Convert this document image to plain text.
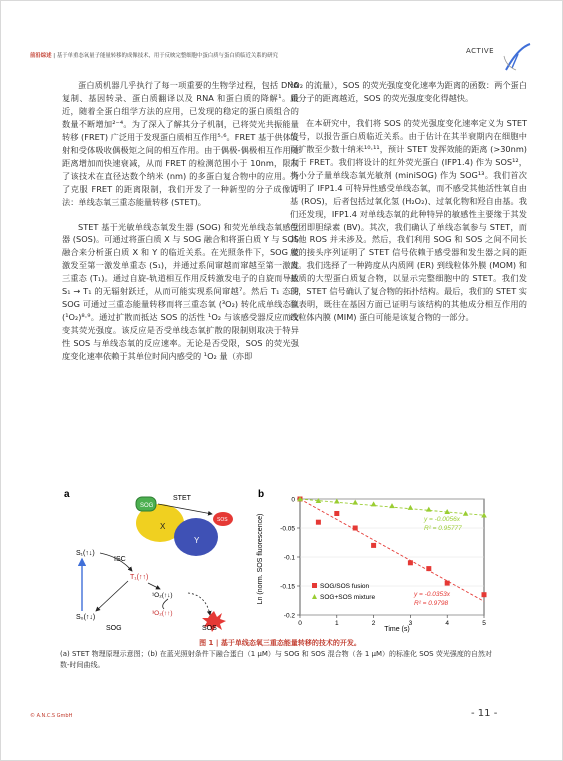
前沿综述 | 基于单重态氧量子能量转移的成像技术，用于反映完整细胞中蛋白质与蛋白质临近关系的研究
ACTIVE

蛋白质机器几乎执行了每一项重要的生物学过程，包括 DNA 复制、基因转录、蛋白质翻译以及 RNA 和蛋白质的降解¹。最近，随着全蛋白组学方法的应用，已发现的稳定的蛋白质组合的数量不断增加²⁻⁴。为了深入了解其分子机制，已将荧光共振能量转移 (FRET) 广泛用于发现蛋白质相互作用⁵·⁶。FRET 基于供体发射和受体吸收偶极矩之间的相互作用。由于偶极-偶极相互作用随距离增加而快速衰减，从而 FRET 的检测范围小于 10nm，限制了该技术在直径达数个纳米 (nm) 的多蛋白复合物中的应用。为了克服 FRET 的距离限制，我们开发了一种新型的分子成像方法：单线态氧三重态能量转移 (STET)。

STET 基于光敏单线态氧发生器 (SOG) 和荧光单线态氧感受器 (SOS)。可通过将蛋白质 X 与 SOG 融合和将蛋白质 Y 与 SOS 融合来分析蛋白质 X 和 Y 的临近关系。在光照条件下，SOG 被激发至第一激发单重态 (S₁)，并通过系间窜越而窜越至第一激发三重态 (T₁)。通过自旋-轨道相互作用反转激发电子的自旋而导致 S₁ → T₁ 的无辐射跃迁，从而可能实现系间窜越⁷。然后 T₁ 态的 SOG 可通过三重态能量转移而将三重态氧 (³O₂) 转化成单线态氧 (¹O₂)⁸·⁹。通过扩散而抵达 SOS 的活性 ¹O₂ 与该感受器反应而改变其荧光强度。该反应是否受单线态氧扩散的限制则取决于特异性 SOS 与单线态氧的反应速率。无论是否受限，SOS 的荧光强度变化速率依赖于其单位时间内感受的 ¹O₂ 量（亦即

¹O₂ 的流量），SOS 的荧光强度变化速率为距离的函数：两个蛋白质分子的距离越近，SOS 的荧光强度变化得越快。

在本研究中，我们将 SOS 的荧光强度变化速率定义为 STET 信号，以报告蛋白质临近关系。由于估计在其半衰期内在细胞中可扩散至少数十纳米¹⁰·¹¹，预计 STET 发挥效能的距离 (>30nm) 大于 FRET。我们将设计的红外荧光蛋白 (IFP1.4) 作为 SOS¹²，将小分子量单线态氧光敏剂 (miniSOG) 作为 SOG¹³。我们首次证明了 IFP1.4 可特异性感受单线态氧，而不感受其他活性氧自由基 (ROS)，后者包括过氧化氢 (H₂O₂)、过氧化物和羟自由基。我们还发现，IFP1.4 对单线态氧的此种特异的敏感性主要缘于其发色团即胆绿素 (BV)。其次，我们确认了单线态氧参与 STET，而其他 ROS 并未涉及。然后，我们利用 SOG 和 SOS 之间不同长度的接头序列证明了 STET 信号依赖于感受器和发生器之间的距离。我们选择了一种跨度从内质网 (ER) 到线粒体外膜 (MOM) 和基质的大型蛋白质复合物，以显示完整细胞中的 STET。我们发现，STET 信号确认了复合物的拓扑结构。最后，我们的 STET 实验表明，既往在基因方面已证明与该结构的其他成分相互作用的线粒体内膜 (MIM) 蛋白可能是该复合物的一部分。

a
SOG
SOS
X
Y
STET
S₁(↑↓)
S₀(↑↓)
ISC
T₁(↑↑)
¹O₂(↑↓)
³O₂(↑↑)
SOG	SOS
b
Ln (norm. SOS fluorescence)
Time (s)
0
-0.05
-0.1
-0.15
-0.2
0	1	2	3	4	5
y = -0.0056x
R² = 0.95777
y = -0.0353x
R² = 0.9798
SOG/SOS fusion
SOG+SOS mixture
图 1 | 基于单线态氧三重态能量转移的技术的开发。
(a) STET 物理原理示意图；(b) 在蓝光照射条件下融合蛋白（1 μM）与 SOG 和 SOS 混合物（各 1 μM）的标准化 SOS 荧光强度的自然对数-时间曲线。
© A.N.C.S GmbH	- 11 -
